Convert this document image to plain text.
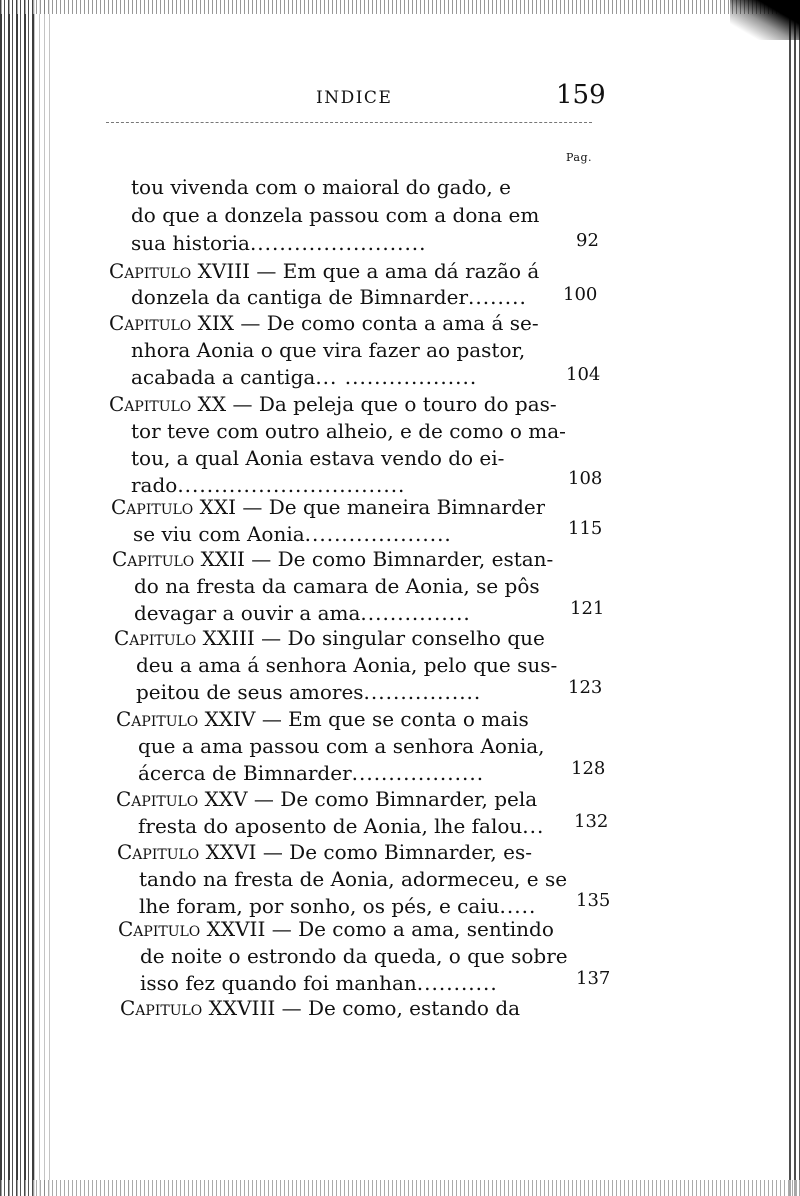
INDICE	159
Pag.
tou vivenda com o maioral do gado, e
do que a donzela passou com a dona em
sua historia........................	92
Capitulo XVIII — Em que a ama dá razão á
donzela da cantiga de Bimnarder........ 100
Capitulo XIX — De como conta a ama á se-
nhora Aonia o que vira fazer ao pastor,
acabada a cantiga... ..................	104
Capitulo XX — Da peleja que o touro do pas-
tor teve com outro alheio, e de como o ma-
tou, a qual Aonia estava vendo do ei-
rado...............................	108
Capitulo XXI — De que maneira Bimnarder
se viu com Aonia....................	115
Capitulo XXII — De como Bimnarder, estan-
do na fresta da camara de Aonia, se pôs
devagar a ouvir a ama...............	121
Capitulo XXIII — Do singular conselho que
deu a ama á senhora Aonia, pelo que sus-
peitou de seus amores................	123
Capitulo XXIV — Em que se conta o mais
que a ama passou com a senhora Aonia,
ácerca de Bimnarder..................	128
Capitulo XXV — De como Bimnarder, pela
fresta do aposento de Aonia, lhe falou... 132
Capitulo XXVI — De como Bimnarder, es-
tando na fresta de Aonia, adormeceu, e se
lhe foram, por sonho, os pés, e caiu..... 135
Capitulo XXVII — De como a ama, sentindo
de noite o estrondo da queda, o que sobre
isso fez quando foi manhan...........	137
Capitulo XXVIII — De como, estando da
